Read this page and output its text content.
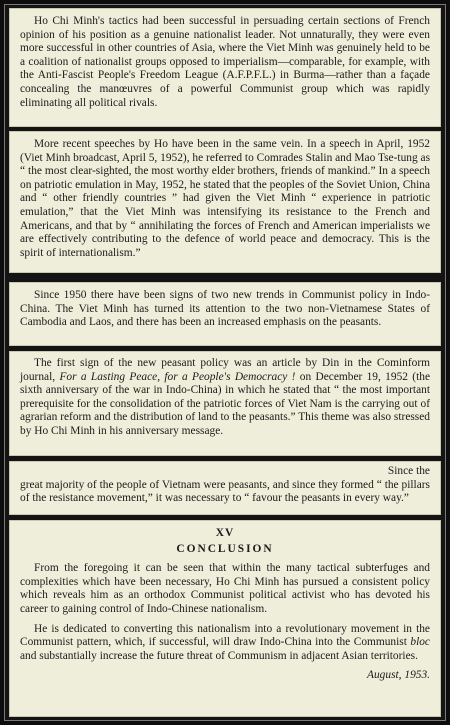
Ho Chi Minh's tactics had been successful in persuading certain sections of French opinion of his position as a genuine nationalist leader. Not unnaturally, they were even more successful in other countries of Asia, where the Viet Minh was genuinely held to be a coalition of nationalist groups opposed to imperialism—comparable, for example, with the Anti-Fascist People's Freedom League (A.F.P.F.L.) in Burma—rather than a façade concealing the manœuvres of a powerful Communist group which was rapidly eliminating all political rivals.

More recent speeches by Ho have been in the same vein. In a speech in April, 1952 (Viet Minh broadcast, April 5, 1952), he referred to Comrades Stalin and Mao Tse-tung as “ the most clear-sighted, the most worthy elder brothers, friends of mankind.” In a speech on patriotic emulation in May, 1952, he stated that the peoples of the Soviet Union, China and “ other friendly countries ” had given the Viet Minh “ experience in patriotic emulation,” that the Viet Minh was intensifying its resistance to the French and Americans, and that by “ annihilating the forces of French and American imperialists we are effectively contributing to the defence of world peace and democracy. This is the spirit of internationalism.”

Since 1950 there have been signs of two new trends in Communist policy in Indo-China. The Viet Minh has turned its attention to the two non-Vietnamese States of Cambodia and Laos, and there has been an increased emphasis on the peasants.

The first sign of the new peasant policy was an article by Din in the Cominform journal, For a Lasting Peace, for a People's Democracy ! on December 19, 1952 (the sixth anniversary of the war in Indo-China) in which he stated that “ the most important prerequisite for the consolidation of the patriotic forces of Viet Nam is the carrying out of agrarian reform and the distribution of land to the peasants.” This theme was also stressed by Ho Chi Minh in his anniversary message.

Since the

great majority of the people of Vietnam were peasants, and since they formed “ the pillars of the resistance movement,” it was necessary to “ favour the peasants in every way.”

XV

CONCLUSION

From the foregoing it can be seen that within the many tactical subterfuges and complexities which have been necessary, Ho Chi Minh has pursued a consistent policy which reveals him as an orthodox Communist political activist who has devoted his career to gaining control of Indo-Chinese nationalism.

He is dedicated to converting this nationalism into a revolutionary movement in the Communist pattern, which, if successful, will draw Indo-China into the Communist bloc and substantially increase the future threat of Communism in adjacent Asian territories.

August, 1953.
